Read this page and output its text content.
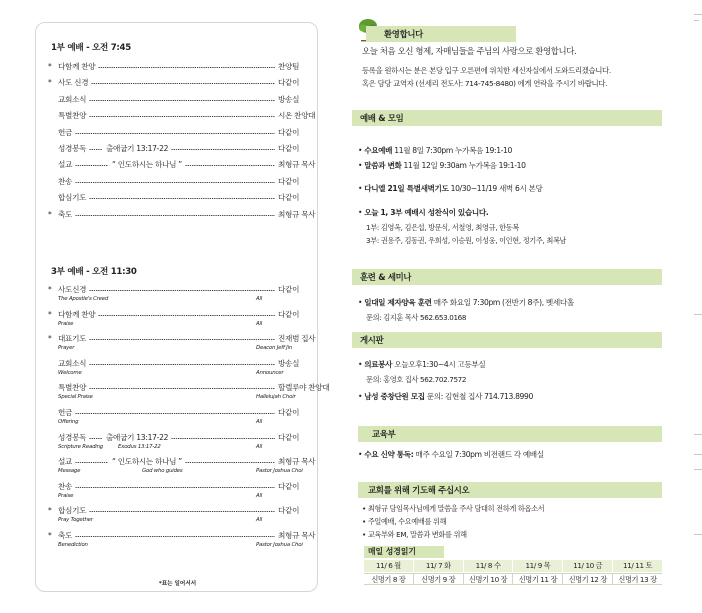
1부 예배 - 오전 7:45
* 다함께 찬양	찬양팀
* 사도 신경	다같이
교회소식	방송실
특별찬양	시온 찬양대
헌금	다같이
성경봉독	다같이
출애굽기 13:17-22
설교	최형규 목사
“ 인도하시는 하나님 ”
찬송	다같이
합심기도	다같이
* 축도	최형규 목사
3부 예배 - 오전 11:30
* 사도신경	다같이
The Apostle's Creed	All
* 다함께 찬양	다같이
Praise	All
* 대표기도	진재범 집사
Prayer	Deacon Jeff Jin
교회소식	방송실
Welcome	Announcer
특별찬양	할렐루야 찬양대
Special Praise	Hallelujah Choir
헌금	다같이
Offering	All
성경봉독	다같이
출애굽기 13:17-22
Scripture Reading	Exodus 13:17-22	All
설교	최형규 목사
“ 인도하시는 하나님 ”
Message	God who guides	Pastor Joshua Choi
찬송	다같이
Praise	All
* 합심기도	다같이
Pray Together	All
* 축도	최형규 목사
Benediction	Pastor Joshua Choi
*표는 일어서서
환영합니다
오늘 처음 오신 형제, 자매님들을 주님의 사랑으로 환영합니다.
등록을 원하시는 분은 본당 입구 오른편에 위치한 새신자실에서 도와드리겠습니다.
혹은 담당 교역자 (선세리 전도사: 714-745-8480) 에게 연락을 주시기 바랍니다.
예배 & 모임
• 수요예배 11월 8일 7:30pm 누가복음 19:1-10
• 말씀과 변화 11월 12일 9:30am 누가복음 19:1-10
• 다니엘 21일 특별새벽기도 10/30~11/19 새벽 6시 본당
• 오늘 1, 3부 예배시 성찬식이 있습니다.
1부: 김영옥, 김은섭, 방문식, 서철영, 최영규, 한동복
3부: 권용주, 김동권, 우희성, 이승원, 이성웅, 이인현, 정기주, 최복남
훈련 & 세미나
• 일대일 제자양육 훈련 매주 화요일 7:30pm (전반기 8주), 벳세다홀
문의: 김지훈 목사 562.653.0168
게시판
• 의료봉사 오늘오후1:30~4시 고등부실
문의: 홍영호 집사 562.702.7572
• 남성 중창단원 모집 문의: 김현철 집사 714.713.8990
교육부
• 수요 신약 통독: 매주 수요일 7:30pm 비전랜드 각 예배실
교회를 위해 기도해 주십시오
• 최형규 담임목사님에게 말씀을 주사 담대히 전하게 하옵소서
• 주일예배, 수요예배를 위해
• 교육부와 EM, 말씀과 변화를 위해
매일 성경읽기
11/ 6 월	11/ 7 화	11/ 8 수	11/ 9 목	11/ 10 금	11/ 11 토
신명기 8 장	신명기 9 장	신명기 10 장	신명기 11 장	신명기 12 장	신명기 13 장
